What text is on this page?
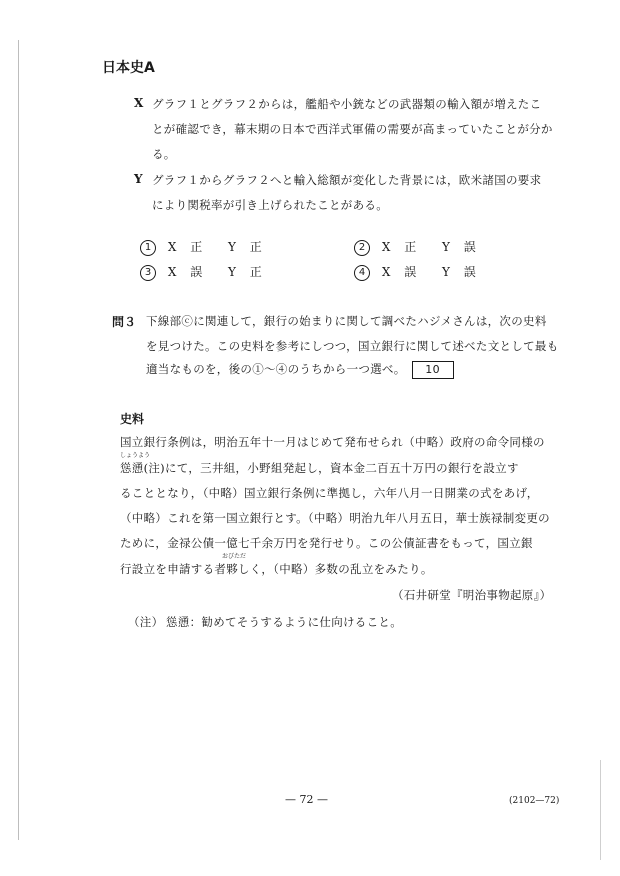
日本史A
X グラフ１とグラフ２からは，艦船や小銃などの武器類の輸入額が増えたこ
とが確認でき，幕末期の日本で西洋式軍備の需要が高まっていたことが分か
る。
Y グラフ１からグラフ２へと輸入総額が変化した背景には，欧米諸国の要求
により関税率が引き上げられたことがある。
1 X 正 Y 正	2 X 正 Y 誤
3 X 誤 Y 正	4 X 誤 Y 誤
問３ 下線部ⓒに関連して，銀行の始まりに関して調べたハジメさんは，次の史料
を見つけた。この史料を参考にしつつ，国立銀行に関して述べた文として最も
適当なものを，後の①～④のうちから一つ選べ。 10
史料
国立銀行条例は，明治五年十一月はじめて発布せられ（中略）政府の命令同様の
しょうよう
慫慂(注)にて，三井組，小野組発起し，資本金二百五十万円の銀行を設立す
ることとなり，（中略）国立銀行条例に準拠し，六年八月一日開業の式をあげ，
（中略）これを第一国立銀行とす。（中略）明治九年八月五日，華士族禄制変更の
ために，金禄公債一億七千余万円を発行せり。この公債証書をもって，国立銀
おびただ
行設立を申請する者夥しく，（中略）多数の乱立をみたり。
（石井研堂『明治事物起原』）
（注） 慫慂：勧めてそうするように仕向けること。
— 72 —	(2102—72)
